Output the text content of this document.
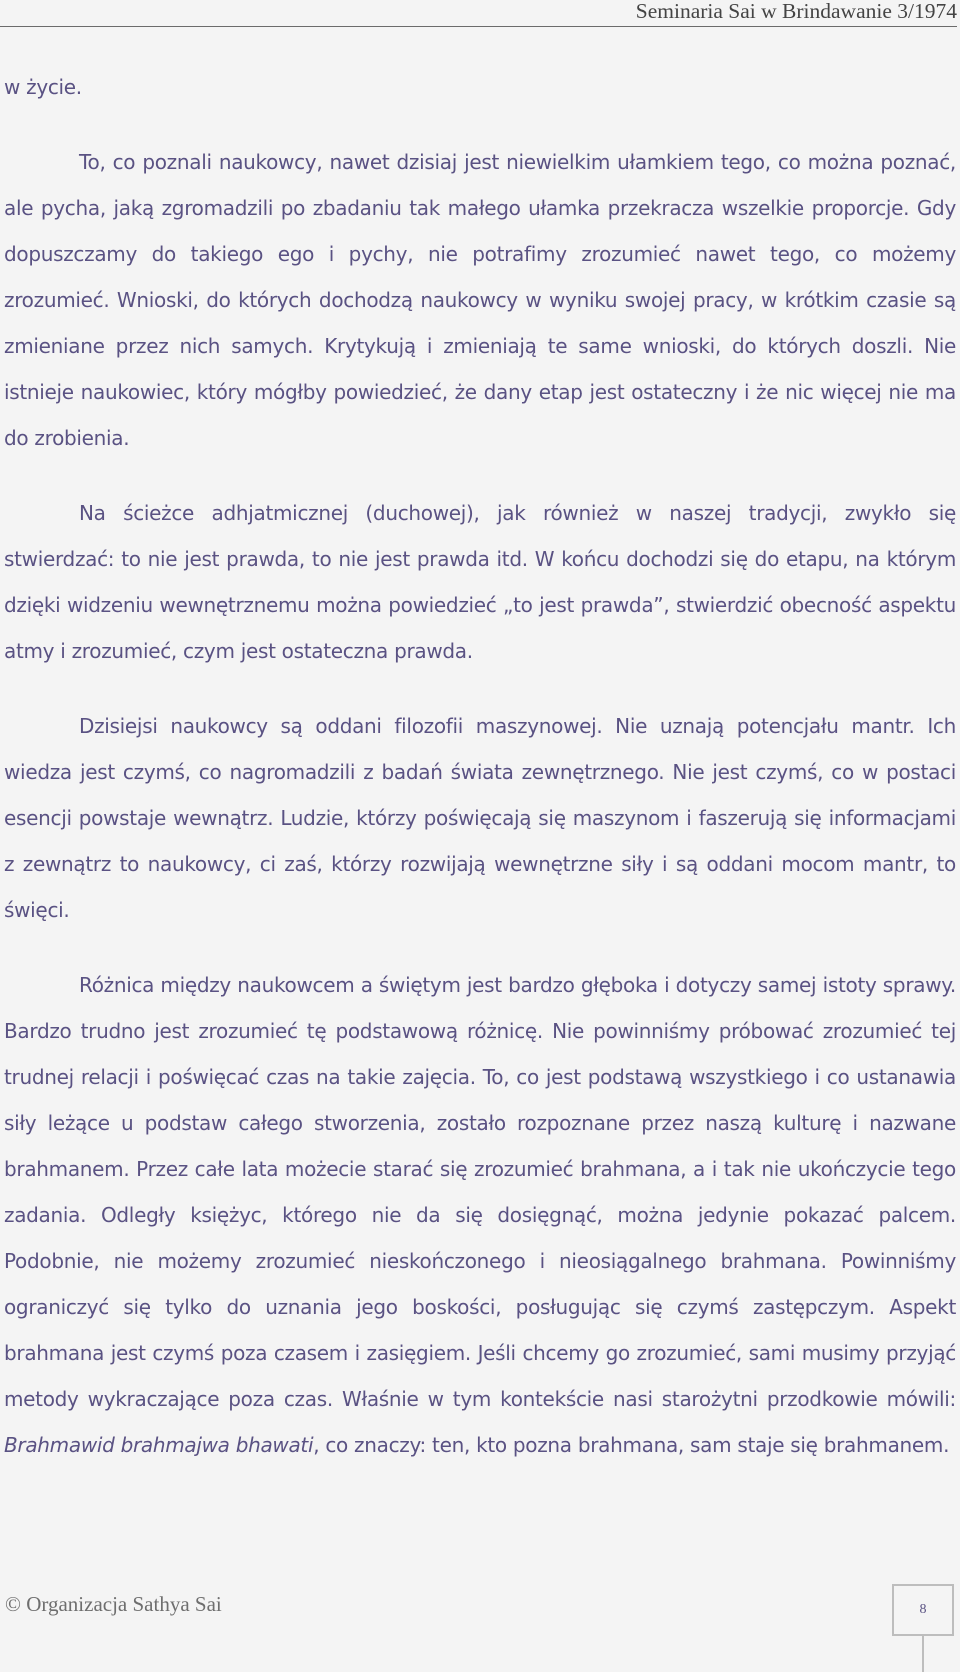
Seminaria Sai w Brindawanie 3/1974

w życie.

To, co poznali naukowcy, nawet dzisiaj jest niewielkim ułamkiem tego, co można poznać, ale pycha, jaką zgromadzili po zbadaniu tak małego ułamka przekracza wszelkie proporcje. Gdy dopuszczamy do takiego ego i pychy, nie potrafimy zrozumieć nawet tego, co możemy zrozumieć. Wnioski, do których dochodzą naukowcy w wyniku swojej pracy, w krótkim czasie są zmieniane przez nich samych. Krytykują i zmieniają te same wnioski, do których doszli. Nie istnieje naukowiec, który mógłby powiedzieć, że dany etap jest ostateczny i że nic więcej nie ma do zrobienia.

Na ścieżce adhjatmicznej (duchowej), jak również w naszej tradycji, zwykło się stwierdzać: to nie jest prawda, to nie jest prawda itd. W końcu dochodzi się do etapu, na którym dzięki widzeniu wewnętrznemu można powiedzieć „to jest prawda”, stwierdzić obecność aspektu atmy i zrozumieć, czym jest ostateczna prawda.

Dzisiejsi naukowcy są oddani filozofii maszynowej. Nie uznają potencjału mantr. Ich wiedza jest czymś, co nagromadzili z badań świata zewnętrznego. Nie jest czymś, co w postaci esencji powstaje wewnątrz. Ludzie, którzy poświęcają się maszynom i faszerują się informacjami z zewnątrz to naukowcy, ci zaś, którzy rozwijają wewnętrzne siły i są oddani mocom mantr, to święci.

Różnica między naukowcem a świętym jest bardzo głęboka i dotyczy samej istoty sprawy. Bardzo trudno jest zrozumieć tę podstawową różnicę. Nie powinniśmy próbować zrozumieć tej trudnej relacji i poświęcać czas na takie zajęcia. To, co jest podstawą wszystkiego i co ustanawia siły leżące u podstaw całego stworzenia, zostało rozpoznane przez naszą kulturę i nazwane brahmanem. Przez całe lata możecie starać się zrozumieć brahmana, a i tak nie ukończycie tego zadania. Odległy księżyc, którego nie da się dosięgnąć, można jedynie pokazać palcem. Podobnie, nie możemy zrozumieć nieskończonego i nieosiągalnego brahmana. Powinniśmy ograniczyć się tylko do uznania jego boskości, posługując się czymś zastępczym. Aspekt brahmana jest czymś poza czasem i zasięgiem. Jeśli chcemy go zrozumieć, sami musimy przyjąć metody wykraczające poza czas. Właśnie w tym kontekście nasi starożytni przodkowie mówili: Brahmawid brahmajwa bhawati, co znaczy: ten, kto pozna brahmana, sam staje się brahmanem.

© Organizacja Sathya Sai	8
